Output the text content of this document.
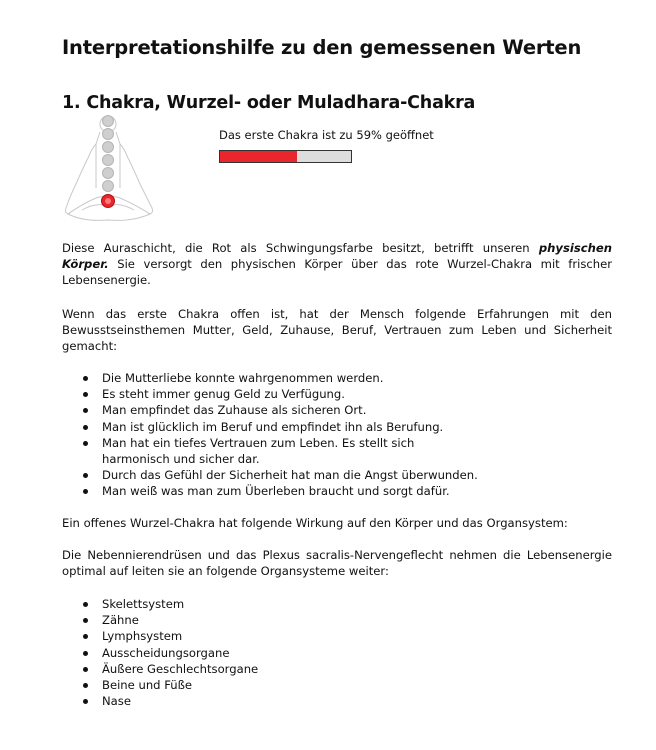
Interpretationshilfe zu den gemessenen Werten
1. Chakra, Wurzel- oder Muladhara-Chakra
Das erste Chakra ist zu 59% geöffnet

Diese Auraschicht, die Rot als Schwingungsfarbe besitzt, betrifft unseren physischen Körper. Sie versorgt den physischen Körper über das rote Wurzel-Chakra mit frischer Lebensenergie.

Wenn das erste Chakra offen ist, hat der Mensch folgende Erfahrungen mit den Bewusstseinsthemen Mutter, Geld, Zuhause, Beruf, Vertrauen zum Leben und Sicherheit gemacht:

Die Mutterliebe konnte wahrgenommen werden.
Es steht immer genug Geld zu Verfügung.
Man empfindet das Zuhause als sicheren Ort.
Man ist glücklich im Beruf und empfindet ihn als Berufung.
Man hat ein tiefes Vertrauen zum Leben. Es stellt sich harmonisch und sicher dar.
Durch das Gefühl der Sicherheit hat man die Angst überwunden.
Man weiß was man zum Überleben braucht und sorgt dafür.

Ein offenes Wurzel-Chakra hat folgende Wirkung auf den Körper und das Organsystem:

Die Nebennierendrüsen und das Plexus sacralis-Nervengeflecht nehmen die Lebensenergie optimal auf leiten sie an folgende Organsysteme weiter:

Skelettsystem
Zähne
Lymphsystem
Ausscheidungsorgane
Äußere Geschlechtsorgane
Beine und Füße
Nase
